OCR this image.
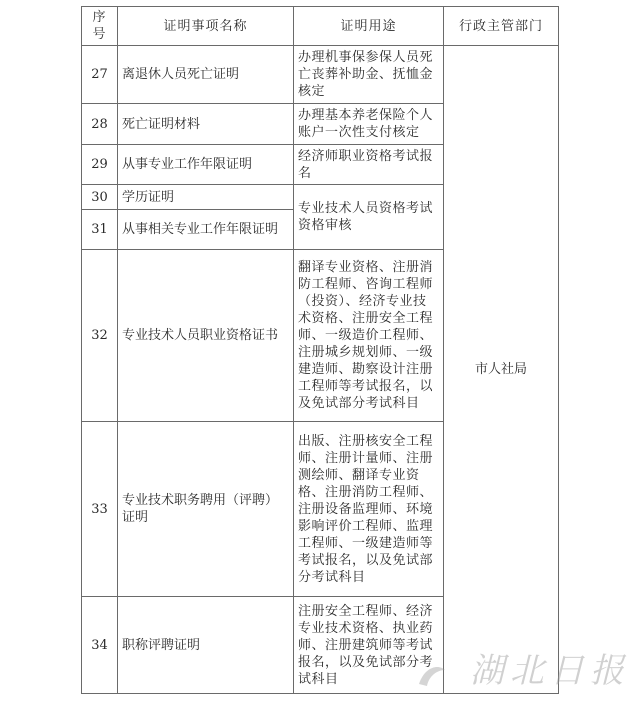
序号	证明事项名称	证明用途	行政主管部门
27	离退休人员死亡证明	办理机事保参保人员死亡丧葬补助金、抚恤金核定	市人社局
28	死亡证明材料	办理基本养老保险个人账户一次性支付核定	
29	从事专业工作年限证明	经济师职业资格考试报名	
30	学历证明	专业技术人员资格考试资格审核	
31	从事相关专业工作年限证明		
32	专业技术人员职业资格证书	翻译专业资格、注册消防工程师、咨询工程师（投资）、经济专业技术资格、注册安全工程师、一级造价工程师、注册城乡规划师、一级建造师、勘察设计注册工程师等考试报名，以及免试部分考试科目	
33	专业技术职务聘用（评聘）证明	出版、注册核安全工程师、注册计量师、注册测绘师、翻译专业资格、注册消防工程师、注册设备监理师、环境影响评价工程师、监理工程师、一级建造师等考试报名，以及免试部分考试科目	
34	职称评聘证明	注册安全工程师、经济专业技术资格、执业药师、注册建筑师等考试报名，以及免试部分考试科目		湖北日报
